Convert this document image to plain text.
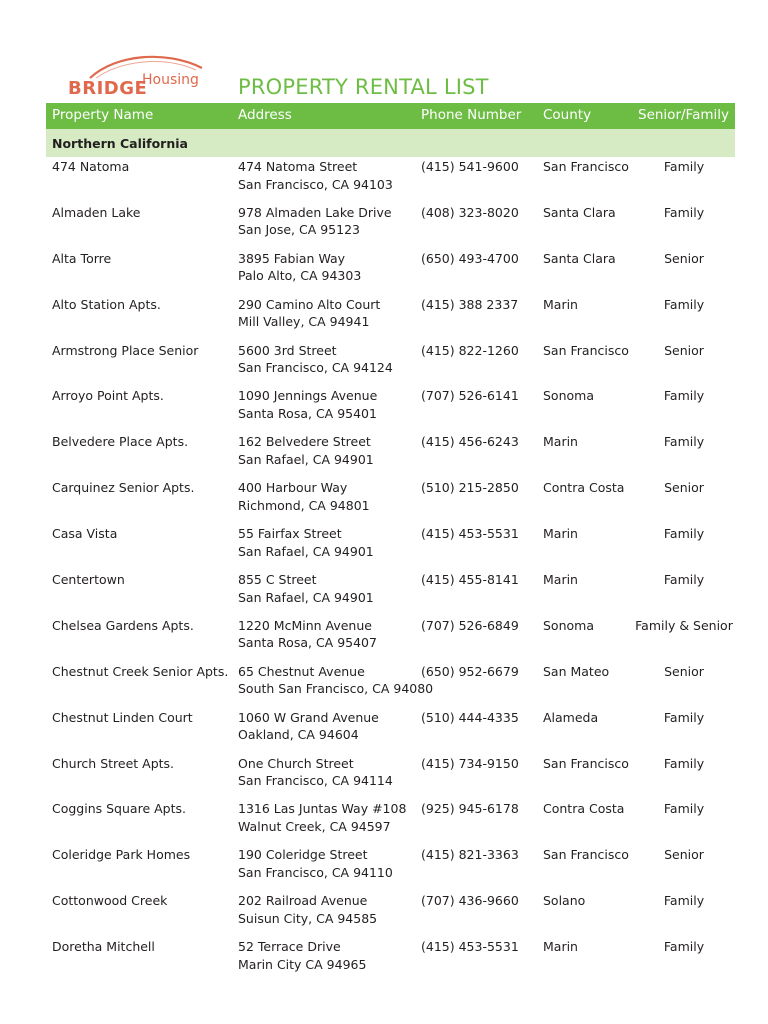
BRIDGE
Housing PROPERTY RENTAL LIST
Property Name	Address	Phone Number County	Senior/Family
Northern California
474 Natoma	474 Natoma Street
San Francisco, CA 94103
(415) 541-9600 San Francisco	Family
Almaden Lake	978 Almaden Lake Drive
San Jose, CA 95123
(408) 323-8020 Santa Clara	Family
Alta Torre	3895 Fabian Way
Palo Alto, CA 94303
(650) 493-4700 Santa Clara	Senior
Alto Station Apts.	290 Camino Alto Court
Mill Valley, CA 94941
(415) 388 2337 Marin	Family
Armstrong Place Senior	5600 3rd Street
San Francisco, CA 94124
(415) 822-1260 San Francisco	Senior
Arroyo Point Apts.	1090 Jennings Avenue
Santa Rosa, CA 95401
(707) 526-6141 Sonoma	Family
Belvedere Place Apts.	162 Belvedere Street
San Rafael, CA 94901
(415) 456-6243 Marin	Family
Carquinez Senior Apts.	400 Harbour Way
Richmond, CA 94801
(510) 215-2850 Contra Costa	Senior
Casa Vista	55 Fairfax Street
San Rafael, CA 94901
(415) 453-5531 Marin	Family
Centertown	855 C Street
San Rafael, CA 94901
(415) 455-8141 Marin	Family
Chelsea Gardens Apts.	1220 McMinn Avenue
Santa Rosa, CA 95407
(707) 526-6849 Sonoma	Family & Senior
Chestnut Creek Senior Apts. 65 Chestnut Avenue
South San Francisco, CA 94080
(650) 952-6679 San Mateo	Senior
Chestnut Linden Court	1060 W Grand Avenue
Oakland, CA 94604
(510) 444-4335 Alameda	Family
Church Street Apts.	One Church Street
San Francisco, CA 94114
(415) 734-9150 San Francisco	Family
Coggins Square Apts.	1316 Las Juntas Way #108
Walnut Creek, CA 94597
(925) 945-6178 Contra Costa	Family
Coleridge Park Homes	190 Coleridge Street
San Francisco, CA 94110
(415) 821-3363 San Francisco	Senior
Cottonwood Creek	202 Railroad Avenue
Suisun City, CA 94585
(707) 436-9660 Solano	Family
Doretha Mitchell	52 Terrace Drive
Marin City CA 94965
(415) 453-5531 Marin	Family
